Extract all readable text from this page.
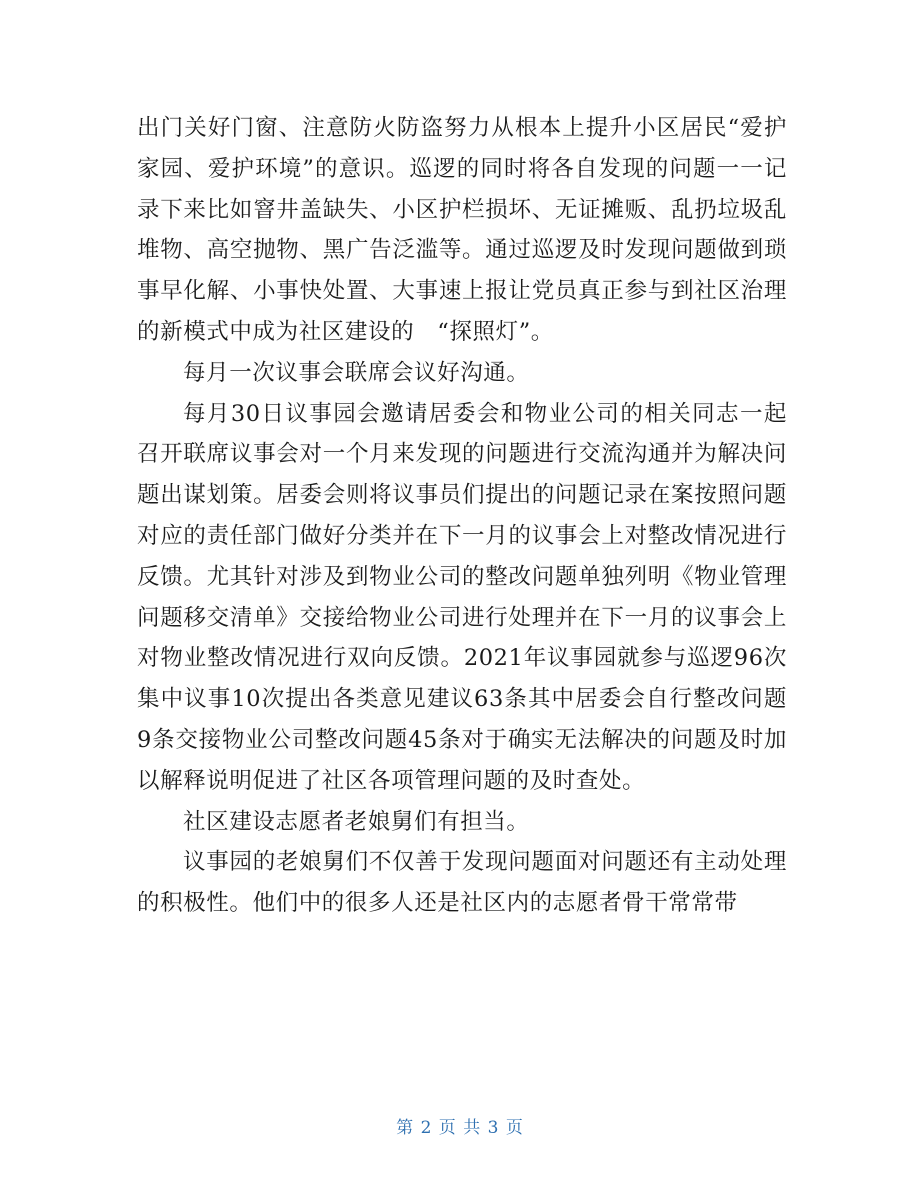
出门关好门窗、注意防火防盗努力从根本上提升小区居民“爱护家园、爱护环境”的意识。巡逻的同时将各自发现的问题一一记录下来比如窨井盖缺失、小区护栏损坏、无证摊贩、乱扔垃圾乱堆物、高空抛物、黑广告泛滥等。通过巡逻及时发现问题做到琐事早化解、小事快处置、大事速上报让党员真正参与到社区治理的新模式中成为社区建设的　“探照灯”。

每月一次议事会联席会议好沟通。

每月30日议事园会邀请居委会和物业公司的相关同志一起召开联席议事会对一个月来发现的问题进行交流沟通并为解决问题出谋划策。居委会则将议事员们提出的问题记录在案按照问题对应的责任部门做好分类并在下一月的议事会上对整改情况进行反馈。尤其针对涉及到物业公司的整改问题单独列明《物业管理问题移交清单》交接给物业公司进行处理并在下一月的议事会上对物业整改情况进行双向反馈。2021年议事园就参与巡逻96次集中议事10次提出各类意见建议63条其中居委会自行整改问题9条交接物业公司整改问题45条对于确实无法解决的问题及时加以解释说明促进了社区各项管理问题的及时查处。

社区建设志愿者老娘舅们有担当。

议事园的老娘舅们不仅善于发现问题面对问题还有主动处理的积极性。他们中的很多人还是社区内的志愿者骨干常常带

第 2 页 共 3 页
